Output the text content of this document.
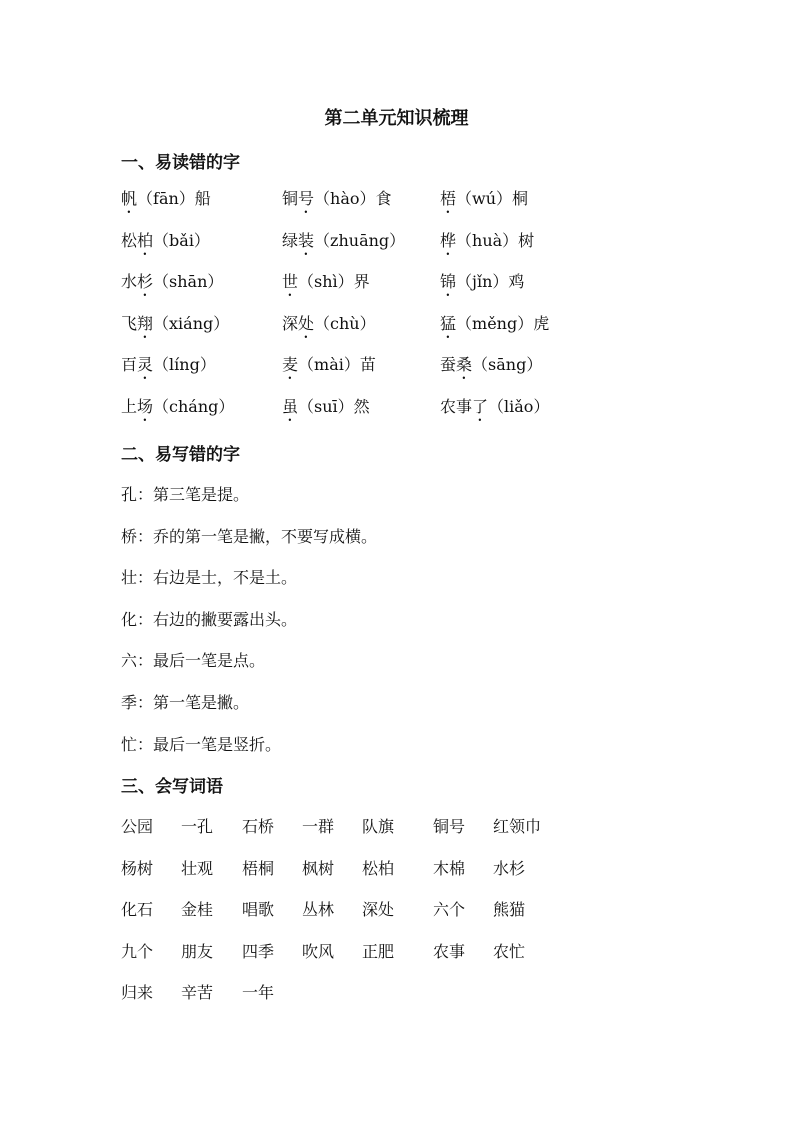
第二单元知识梳理
一、易读错的字
帆（fān）船	铜号（hào）食	梧（wú）桐
松柏（bǎi）	绿装（zhuāng） 桦（huà）树
水杉（shān）	世（shì）界	锦（jǐn）鸡
飞翔（xiáng）	深处（chù）	猛（měng）虎
百灵（líng）	麦（mài）苗	蚕桑（sāng）
上场（cháng）	虽（suī）然	农事了（liǎo）
二、易写错的字
孔：第三笔是提。
桥：乔的第一笔是撇，不要写成横。
壮：右边是士，不是土。
化：右边的撇要露出头。
六：最后一笔是点。
季：第一笔是撇。
忙：最后一笔是竖折。
三、会写词语
公园 一孔 石桥 一群 队旗 铜号 红领巾
杨树 壮观 梧桐 枫树 松柏 木棉 水杉
化石 金桂 唱歌 丛林 深处 六个 熊猫
九个 朋友 四季 吹风 正肥 农事 农忙
归来 辛苦 一年
